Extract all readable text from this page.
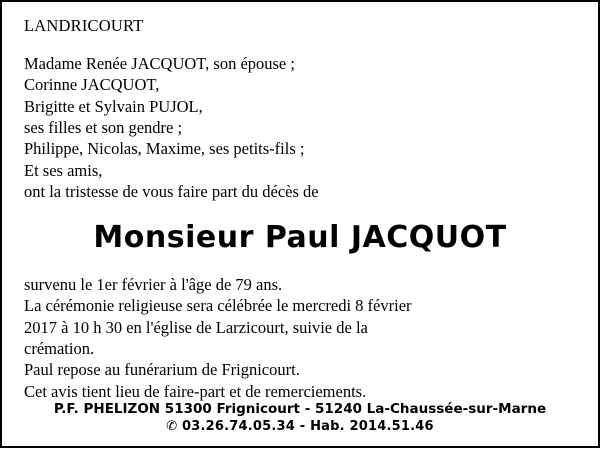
LANDRICOURT
Madame Renée JACQUOT, son épouse ;
Corinne JACQUOT,
Brigitte et Sylvain PUJOL,
ses filles et son gendre ;
Philippe, Nicolas, Maxime, ses petits-fils ;
Et ses amis,
ont la tristesse de vous faire part du décès de
Monsieur Paul JACQUOT
survenu le 1er février à l'âge de 79 ans.
La cérémonie religieuse sera célébrée le mercredi 8 février
2017 à 10 h 30 en l'église de Larzicourt, suivie de la
crémation.
Paul repose au funérarium de Frignicourt.
Cet avis tient lieu de faire-part et de remerciements.
P.F. PHELIZON 51300 Frignicourt - 51240 La-Chaussée-sur-Marne
✆ 03.26.74.05.34 - Hab. 2014.51.46
